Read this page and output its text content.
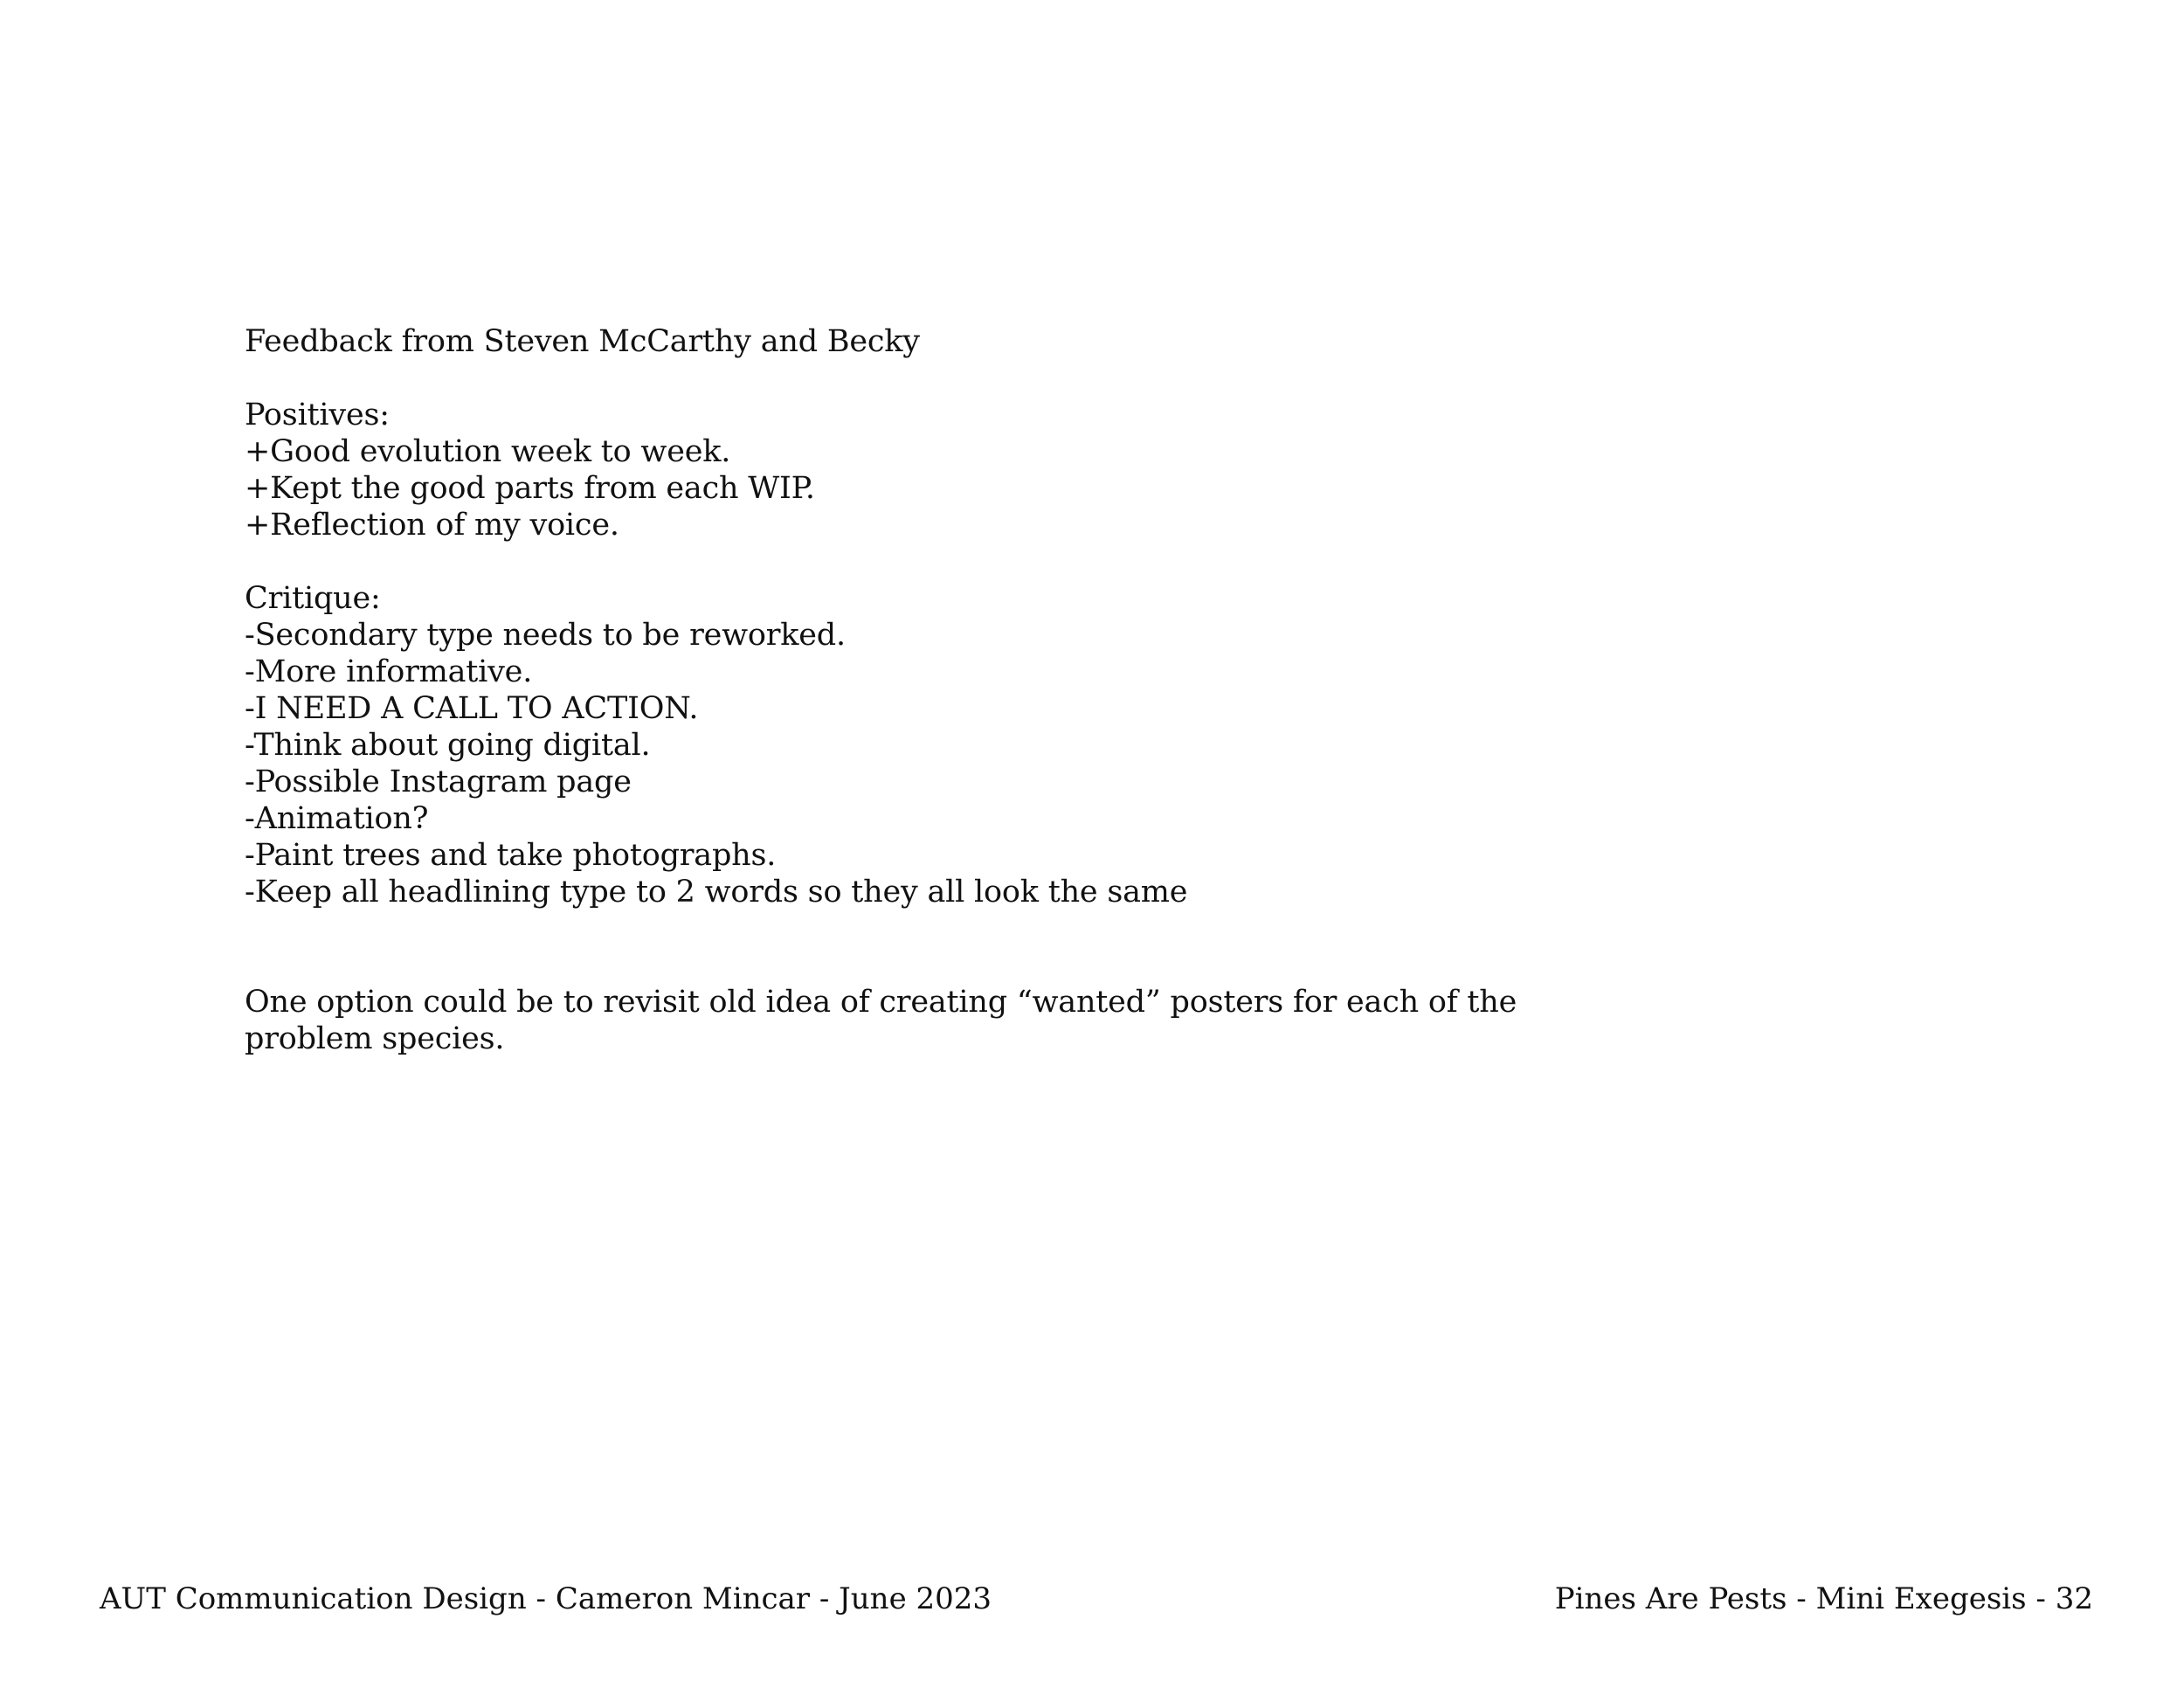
Feedback from Steven McCarthy and Becky
Positives:
+Good evolution week to week.
+Kept the good parts from each WIP.
+Reflection of my voice.
Critique:
-Secondary type needs to be reworked.
-More informative.
-I NEED A CALL TO ACTION.
-Think about going digital.
-Possible Instagram page
-Animation?
-Paint trees and take photographs.
-Keep all headlining type to 2 words so they all look the same
One option could be to revisit old idea of creating “wanted” posters for each of the
problem species.
AUT Communication Design - Cameron Mincar - June 2023	Pines Are Pests - Mini Exegesis - 32
